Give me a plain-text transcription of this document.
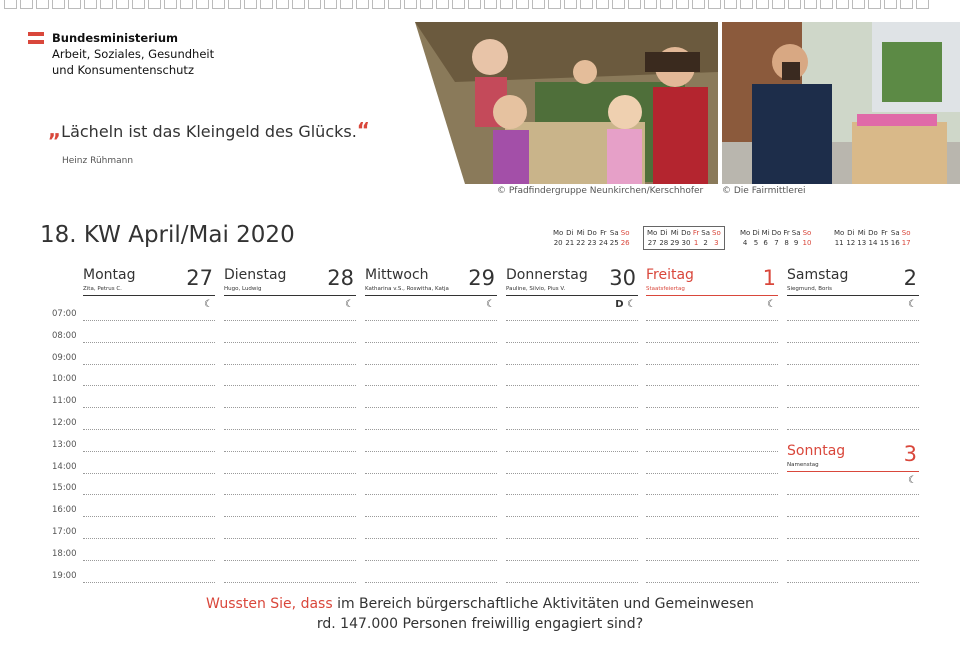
Bundesministerium
Arbeit, Soziales, Gesundheit
und Konsumentenschutz
„Lächeln ist das Kleingeld des Glücks.“
Heinz Rühmann
© Pfadfindergruppe Neunkirchen/Kerschhofer © Die Fairmittlerei
18. KW April/Mai 2020	Mo	Di	Mi	Do	Fr	Sa	So
20	21	22	23	24	25	26
Mo	Di	Mi	Do	Fr	Sa	So
27	28	29	30	1	2	3
Mo	Di	Mi	Do	Fr	Sa	So
4	5	6	7	8	9	10
Mo	Di	Mi	Do	Fr	Sa	So
11	12	13	14	15	16	17
Montag 27
Zita, Petrus C.
☾
Dienstag 28
Hugo, Ludwig
☾
Mittwoch 29
Katharina v.S., Roswitha, Katja
☾
Donnerstag 30
Pauline, Silvio, Pius V.
D ☾
Freitag	1
Staatsfeiertag
☾
Samstag	2
Siegmund, Boris
☾
Sonntag	3
Namenstag
☾
07:00
08:00
09:00
10:00
11:00
12:00
13:00
14:00
15:00
16:00
17:00
18:00
19:00
Wussten Sie, dass im Bereich bürgerschaftliche Aktivitäten und Gemeinwesen
rd. 147.000 Personen freiwillig engagiert sind?
